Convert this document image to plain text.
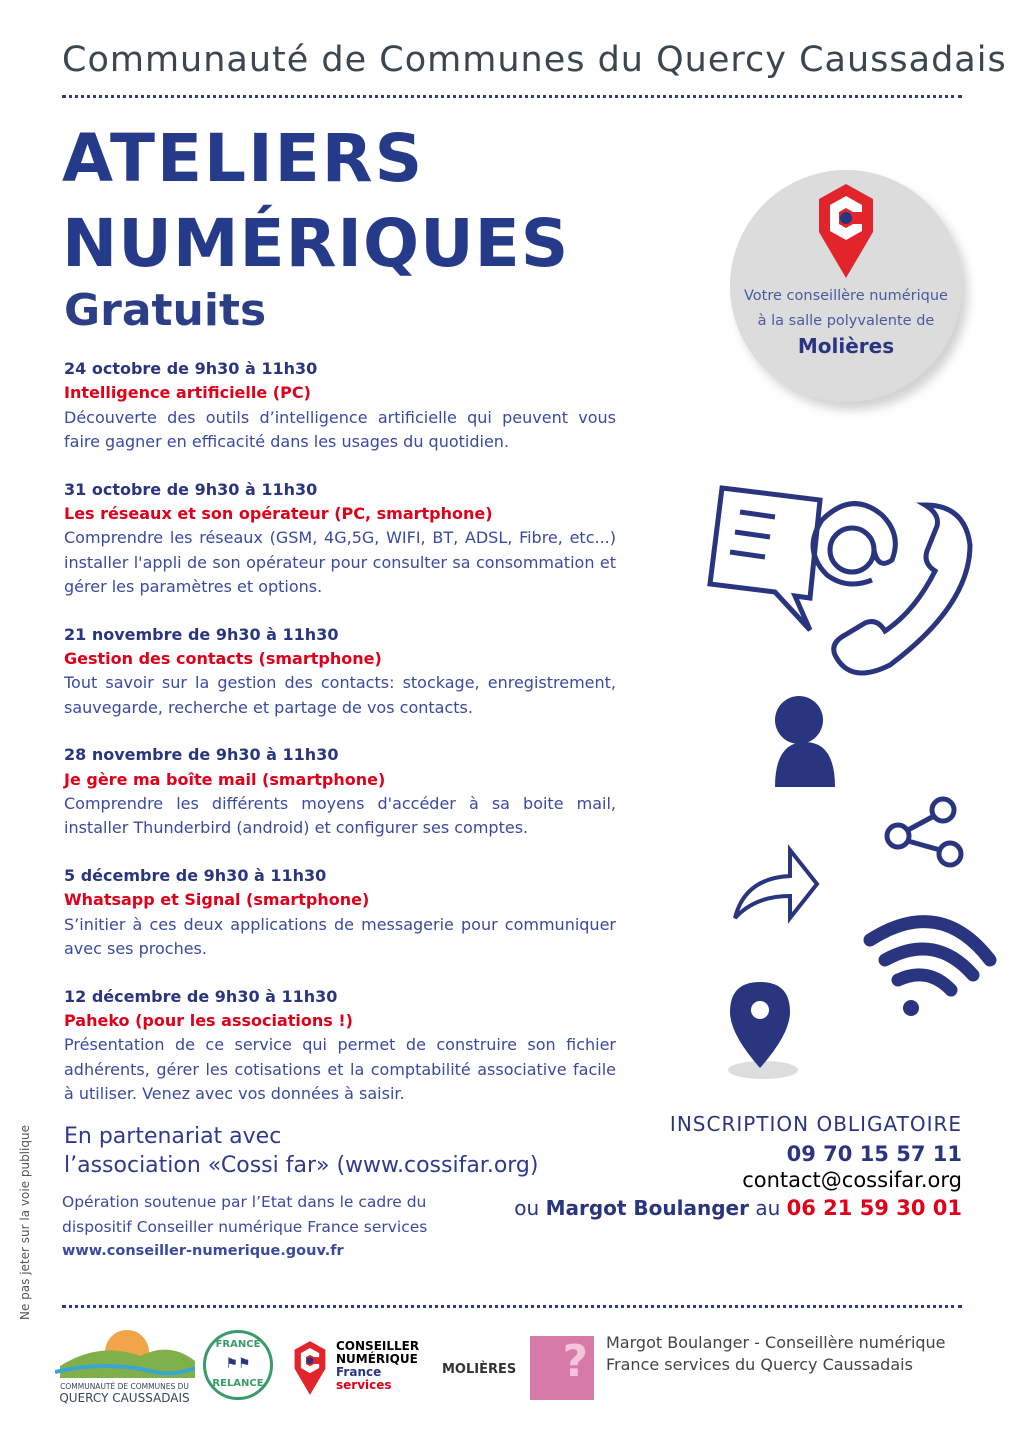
Communauté de Communes du Quercy Caussadais
ATELIERS
NUMÉRIQUES
Gratuits	Votre conseillère numérique
à la salle polyvalente de
Molières
24 octobre de 9h30 à 11h30
Intelligence artificielle (PC)
Découverte des outils d’intelligence artificielle qui peuvent vous faire gagner en efficacité dans les usages du quotidien.
31 octobre de 9h30 à 11h30
Les réseaux et son opérateur (PC, smartphone)
Comprendre les réseaux (GSM, 4G,5G, WIFI, BT, ADSL, Fibre, etc...) installer l'appli de son opérateur pour consulter sa consommation et gérer les paramètres et options.
21 novembre de 9h30 à 11h30
Gestion des contacts (smartphone)
Tout savoir sur la gestion des contacts: stockage, enregistrement, sauvegarde, recherche et partage de vos contacts.
28 novembre de 9h30 à 11h30
Je gère ma boîte mail (smartphone)
Comprendre les différents moyens d'accéder à sa boite mail, installer Thunderbird (android) et configurer ses comptes.
5 décembre de 9h30 à 11h30
Whatsapp et Signal (smartphone)
S’initier à ces deux applications de messagerie pour communiquer avec ses proches.
12 décembre de 9h30 à 11h30
Paheko (pour les associations !)
Présentation de ce service qui permet de construire son fichier adhérents, gérer les cotisations et la comptabilité associative facile à utiliser. Venez avec vos données à saisir.
En partenariat avec
l’association «Cossi far» (www.cossifar.org)
Opération soutenue par l’Etat dans le cadre du
dispositif Conseiller numérique France services
www.conseiller-numerique.gouv.fr
INSCRIPTION OBLIGATOIRE
09 70 15 57 11
contact@cossifar.org
ou Margot Boulanger au 06 21 59 30 01
Ne pas jeter sur la voie publique
COMMUNAUTÉ DE COMMUNES DU
QUERCY CAUSSADAIS
FRANCE
⚑⚑
RELANCE
CONSEILLER
NUMÉRIQUE
France
services
MOLIÈRES	?	Margot Boulanger - Conseillère numérique
France services du Quercy Caussadais
